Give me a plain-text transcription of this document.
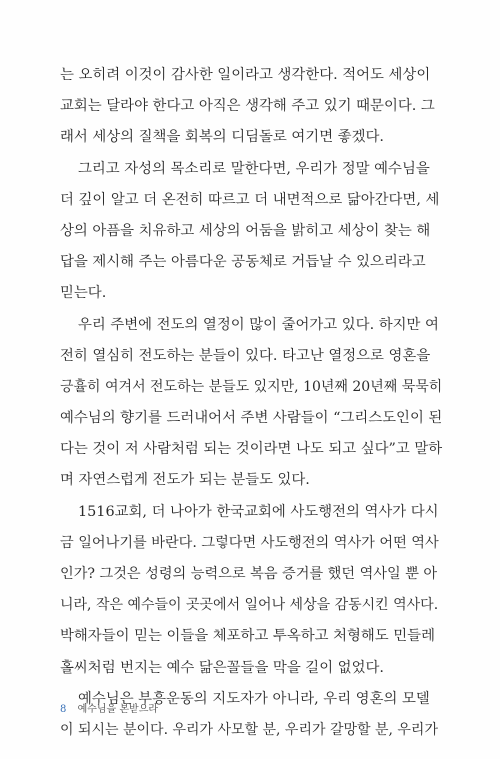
는 오히려 이것이 감사한 일이라고 생각한다. 적어도 세상이
교회는 달라야 한다고 아직은 생각해 주고 있기 때문이다. 그
래서 세상의 질책을 회복의 디딤돌로 여기면 좋겠다.
그리고 자성의 목소리로 말한다면, 우리가 정말 예수님을
더 깊이 알고 더 온전히 따르고 더 내면적으로 닮아간다면, 세
상의 아픔을 치유하고 세상의 어둠을 밝히고 세상이 찾는 해
답을 제시해 주는 아름다운 공동체로 거듭날 수 있으리라고
믿는다.
우리 주변에 전도의 열정이 많이 줄어가고 있다. 하지만 여
전히 열심히 전도하는 분들이 있다. 타고난 열정으로 영혼을
긍휼히 여겨서 전도하는 분들도 있지만, 10년째 20년째 묵묵히
예수님의 향기를 드러내어서 주변 사람들이 “그리스도인이 된
다는 것이 저 사람처럼 되는 것이라면 나도 되고 싶다”고 말하
며 자연스럽게 전도가 되는 분들도 있다.
1516교회, 더 나아가 한국교회에 사도행전의 역사가 다시
금 일어나기를 바란다. 그렇다면 사도행전의 역사가 어떤 역사
인가? 그것은 성령의 능력으로 복음 증거를 했던 역사일 뿐 아
니라, 작은 예수들이 곳곳에서 일어나 세상을 감동시킨 역사다.
박해자들이 믿는 이들을 체포하고 투옥하고 처형해도 민들레
홀씨처럼 번지는 예수 닮은꼴들을 막을 길이 없었다.
예수님은 부흥운동의 지도자가 아니라, 우리 영혼의 모델
이 되시는 분이다. 우리가 사모할 분, 우리가 갈망할 분, 우리가
8 예수님을 본받으라
